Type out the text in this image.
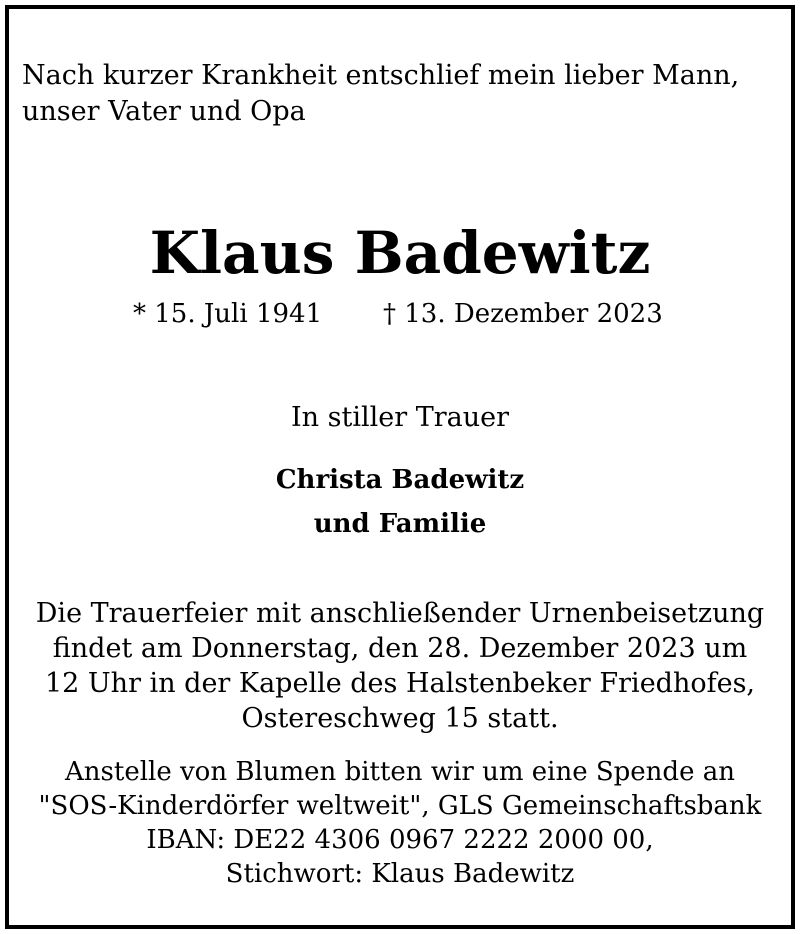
Nach kurzer Krankheit entschlief mein lieber Mann,
unser Vater und Opa
Klaus Badewitz
* 15. Juli 1941 † 13. Dezember 2023
In stiller Trauer
Christa Badewitz
und Familie
Die Trauerfeier mit anschließender Urnenbeisetzung
findet am Donnerstag, den 28. Dezember 2023 um
12 Uhr in der Kapelle des Halstenbeker Friedhofes,
Ostereschweg 15 statt.
Anstelle von Blumen bitten wir um eine Spende an
"SOS-Kinderdörfer weltweit", GLS Gemeinschaftsbank
IBAN: DE22 4306 0967 2222 2000 00,
Stichwort: Klaus Badewitz
